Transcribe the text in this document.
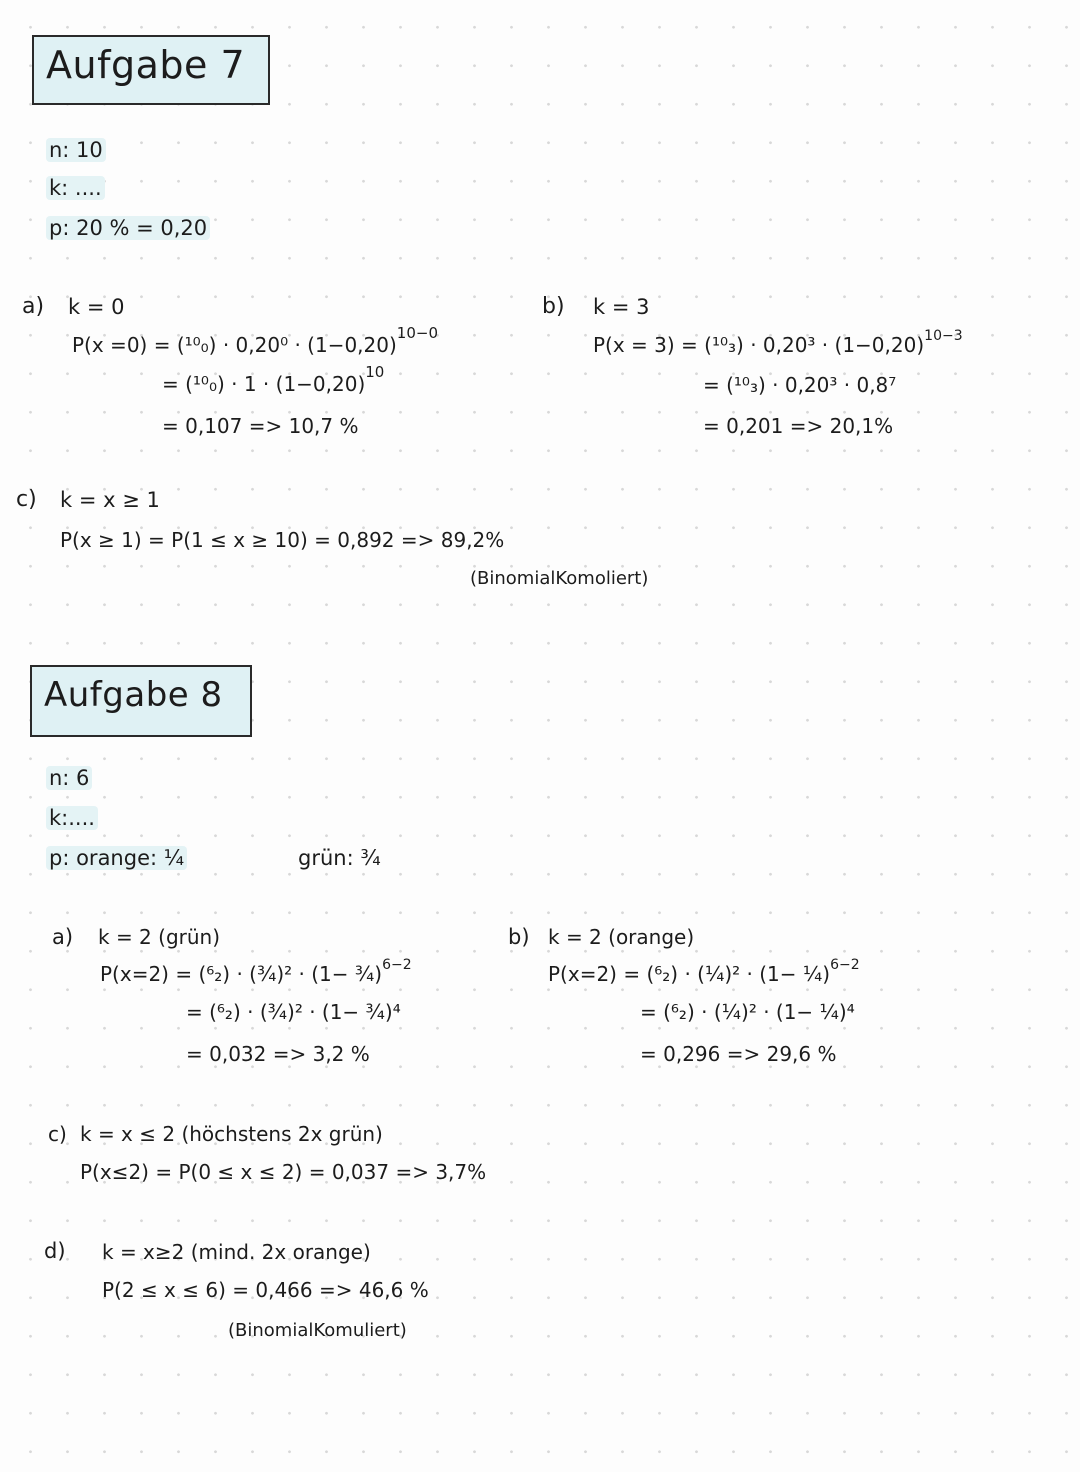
Aufgabe 7
n: 10
k: ....
p: 20 % = 0,20
a) k = 0
$P(x =0) = (^{10}_0) \cdot 0,20^0 \cdot (1-0,20)^{10-0}$
= $(^{10}_0) \cdot 1 \cdot (1-0,20)^{10}$
= 0,107 => 10,7 %
b) k = 3
$P(x = 3) = (^{10}_3) \cdot 0,20^3 \cdot (1-0,20)^{10-3}$
= (¹⁰₃) · 0,20³ · 0,8⁷
= 0,201 => 20,1%
c) k = x ≥ 1
P(x ≥ 1) = P(1 ≤ x ≥ 10) = 0,892 => 89,2%
(BinomialKomoliert)
Aufgabe 8
n: 6
k:....
p: orange: ¼	grün: ¾
a) k = 2 (grün)
P(x=2) = (⁶₂) · (¾)² · (1− ¾)$^{6-2}$
= (⁶₂) · (¾)² · (1− ¾)⁴
= 0,032 => 3,2 %
b) k = 2 (orange)
P(x=2) = (⁶₂) · (¼)² · (1− ¼)$^{6-2}$
= (⁶₂) · (¼)² · (1− ¼)⁴
= 0,296 => 29,6 %
c) k = x ≤ 2 (höchstens 2x grün)
P(x≤2) = P(0 ≤ x ≤ 2) = 0,037 => 3,7%
d) k = x≥2 (mind. 2x orange)
P(2 ≤ x ≤ 6) = 0,466 => 46,6 %
(BinomialKomuliert)
